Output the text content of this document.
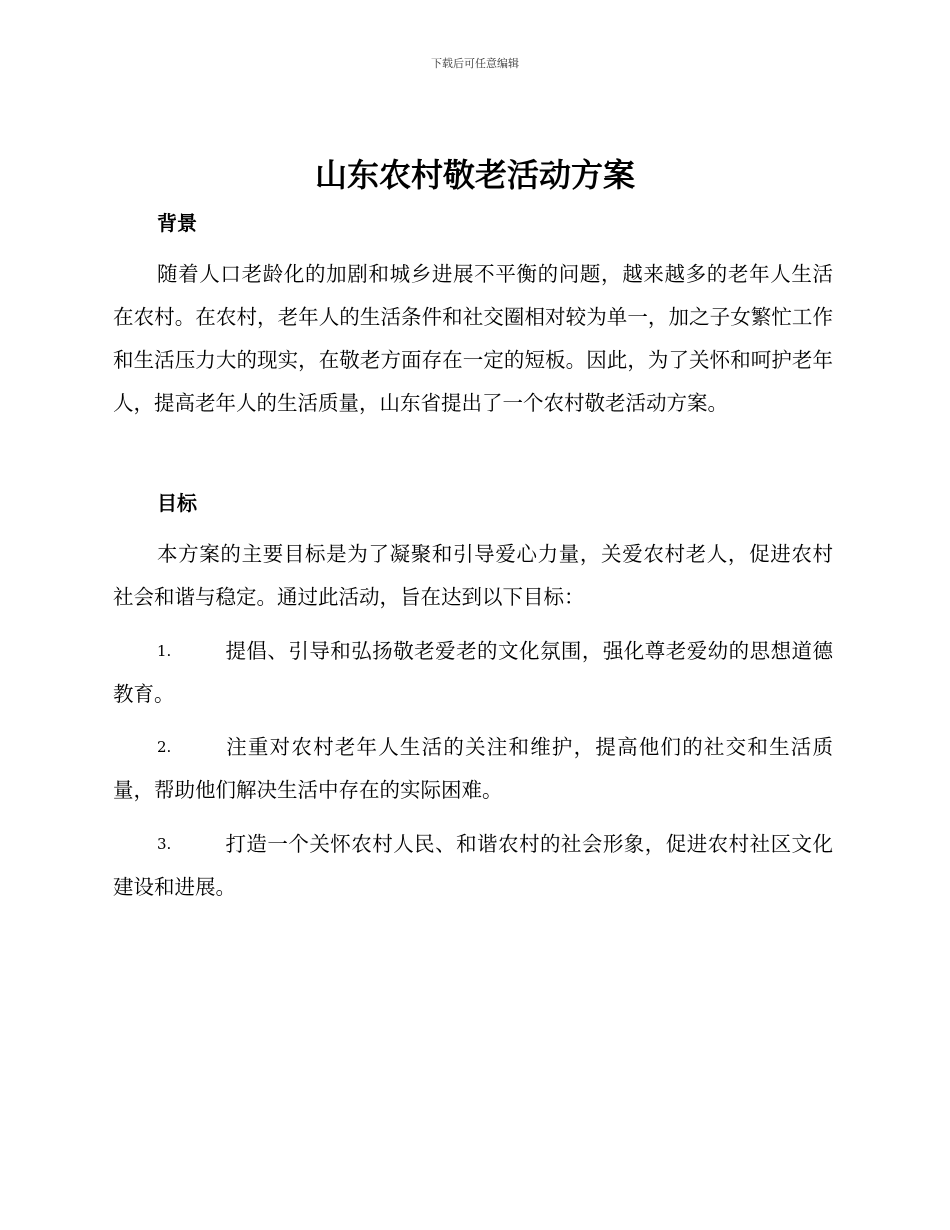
下载后可任意编辑
山东农村敬老活动方案
背景
随着人口老龄化的加剧和城乡进展不平衡的问题，越来越多的老年人生活在农村。在农村，老年人的生活条件和社交圈相对较为单一，加之子女繁忙工作和生活压力大的现实，在敬老方面存在一定的短板。因此，为了关怀和呵护老年人，提高老年人的生活质量，山东省提出了一个农村敬老活动方案。
目标
本方案的主要目标是为了凝聚和引导爱心力量，关爱农村老人，促进农村社会和谐与稳定。通过此活动，旨在达到以下目标：
1.	提倡、引导和弘扬敬老爱老的文化氛围，强化尊老爱幼的思想道德教育。
2.	注重对农村老年人生活的关注和维护，提高他们的社交和生活质量，帮助他们解决生活中存在的实际困难。
3.	打造一个关怀农村人民、和谐农村的社会形象，促进农村社区文化建设和进展。
